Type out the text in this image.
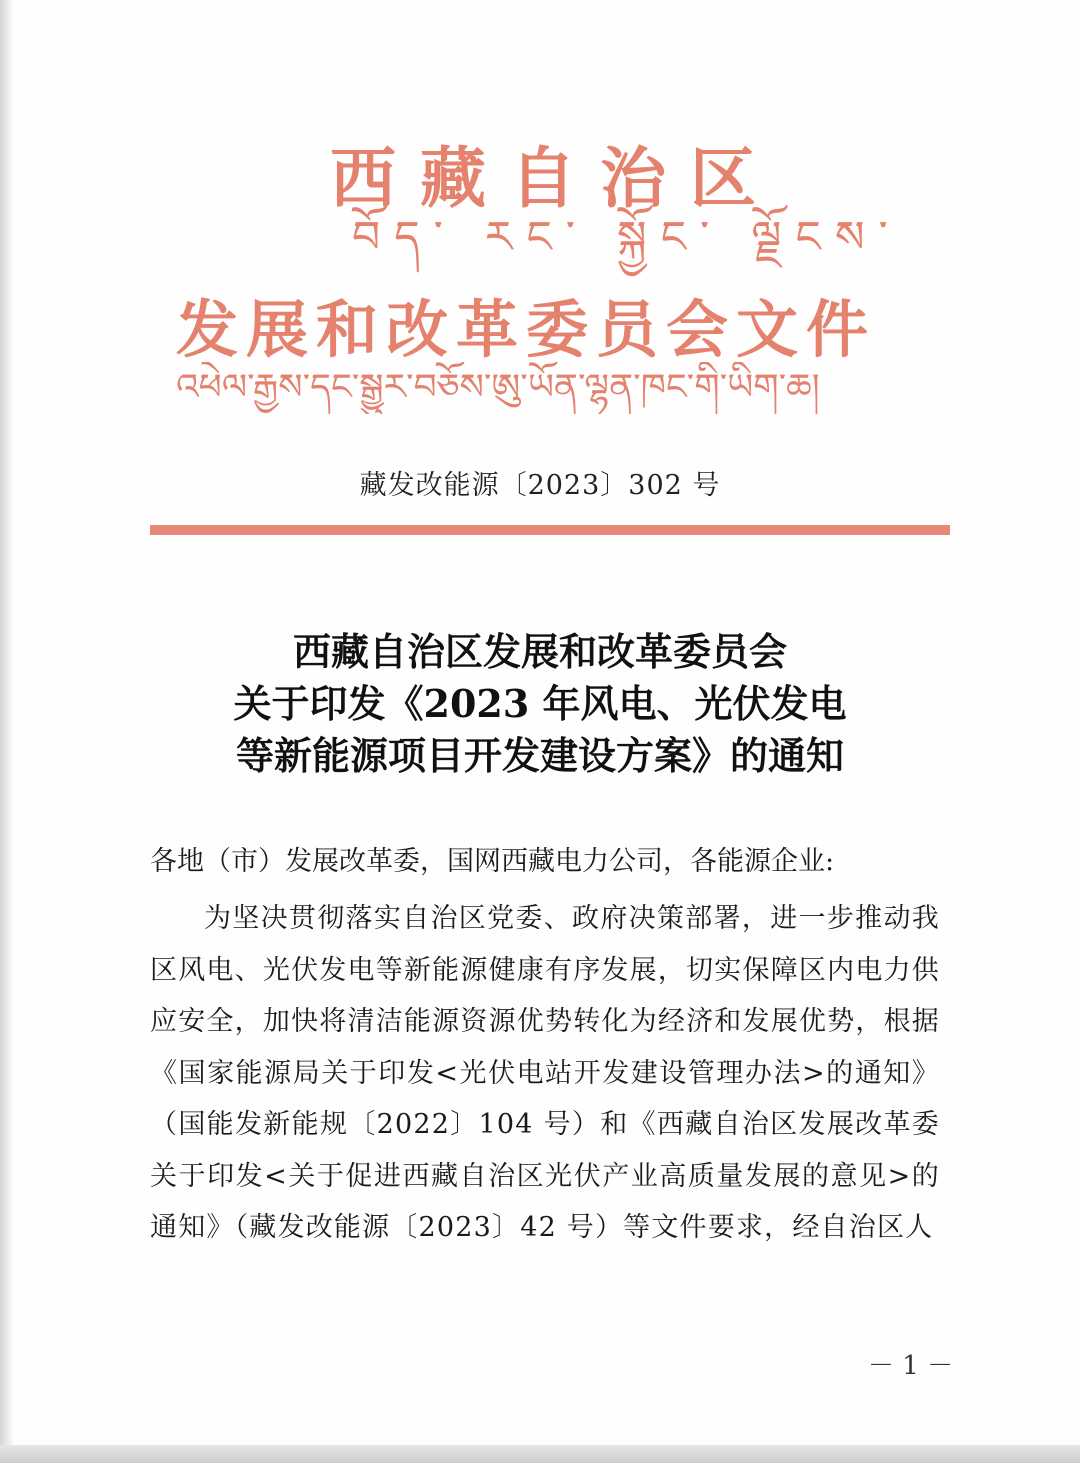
西藏自治区
བོད་ རང་ སྐྱོང་ ལྗོངས་
发展和改革委员会文件
འཕེལ་རྒྱས་དང་སྒྱུར་བཅོས་ཨུ་ཡོན་ལྷན་ཁང་གི་ཡིག་ཆ།
藏发改能源〔2023〕302 号
西藏自治区发展和改革委员会
关于印发《2023 年风电、光伏发电
等新能源项目开发建设方案》的通知
各地（市）发展改革委，国网西藏电力公司，各能源企业:
为坚决贯彻落实自治区党委、政府决策部署，进一步推动我区风电、光伏发电等新能源健康有序发展，切实保障区内电力供应安全，加快将清洁能源资源优势转化为经济和发展优势，根据《国家能源局关于印发<光伏电站开发建设管理办法>的通知》（国能发新能规〔2022〕104 号）和《西藏自治区发展改革委关于印发<关于促进西藏自治区光伏产业高质量发展的意见>的通知》（藏发改能源〔2023〕42 号）等文件要求，经自治区人
－ 1 －
